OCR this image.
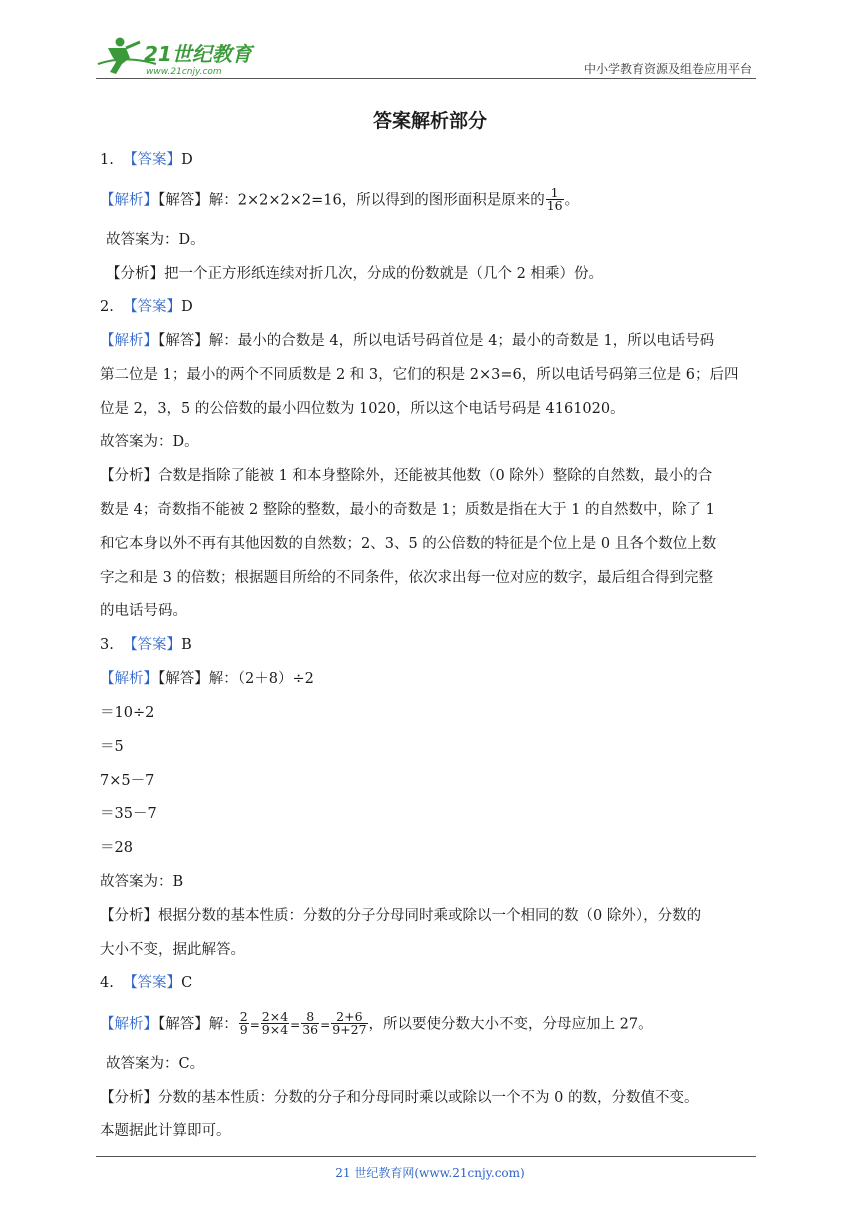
21世纪教育
www.21cnjy.com	中小学教育资源及组卷应用平台
答案解析部分
1. 【答案】D
【解析】【解答】解：2×2×2×2=16，所以得到的图形面积是原来的 $\frac{1}{16}$ 。
故答案为：D。
【分析】把一个正方形纸连续对折几次，分成的份数就是（几个 2 相乘）份。
2. 【答案】D
【解析】【解答】解：最小的合数是 4，所以电话号码首位是 4；最小的奇数是 1，所以电话号码
第二位是 1；最小的两个不同质数是 2 和 3，它们的积是 2×3=6，所以电话号码第三位是 6；后四
位是 2，3，5 的公倍数的最小四位数为 1020，所以这个电话号码是 4161020。
故答案为：D。
【分析】合数是指除了能被 1 和本身整除外，还能被其他数（0 除外）整除的自然数，最小的合
数是 4；奇数指不能被 2 整除的整数，最小的奇数是 1；质数是指在大于 1 的自然数中，除了 1
和它本身以外不再有其他因数的自然数；2、3、5 的公倍数的特征是个位上是 0 且各个数位上数
字之和是 3 的倍数；根据题目所给的不同条件，依次求出每一位对应的数字，最后组合得到完整
的电话号码。
3. 【答案】B
【解析】【解答】解：（2＋8）÷2
＝10÷2
＝5
7×5－7
＝35－7
＝28
故答案为：B
【分析】根据分数的基本性质：分数的分子分母同时乘或除以一个相同的数（0 除外），分数的
大小不变，据此解答。
4. 【答案】C
【解析】【解答】解： $\frac{2}{9} = \frac{2\times 4}{9\times 4} = \frac{8}{36} = \frac{2+6}{9+27}$ ，所以要使分数大小不变，分母应加上 27。
故答案为：C。
【分析】分数的基本性质：分数的分子和分母同时乘以或除以一个不为 0 的数，分数值不变。
本题据此计算即可。
21 世纪教育网(www.21cnjy.com)
